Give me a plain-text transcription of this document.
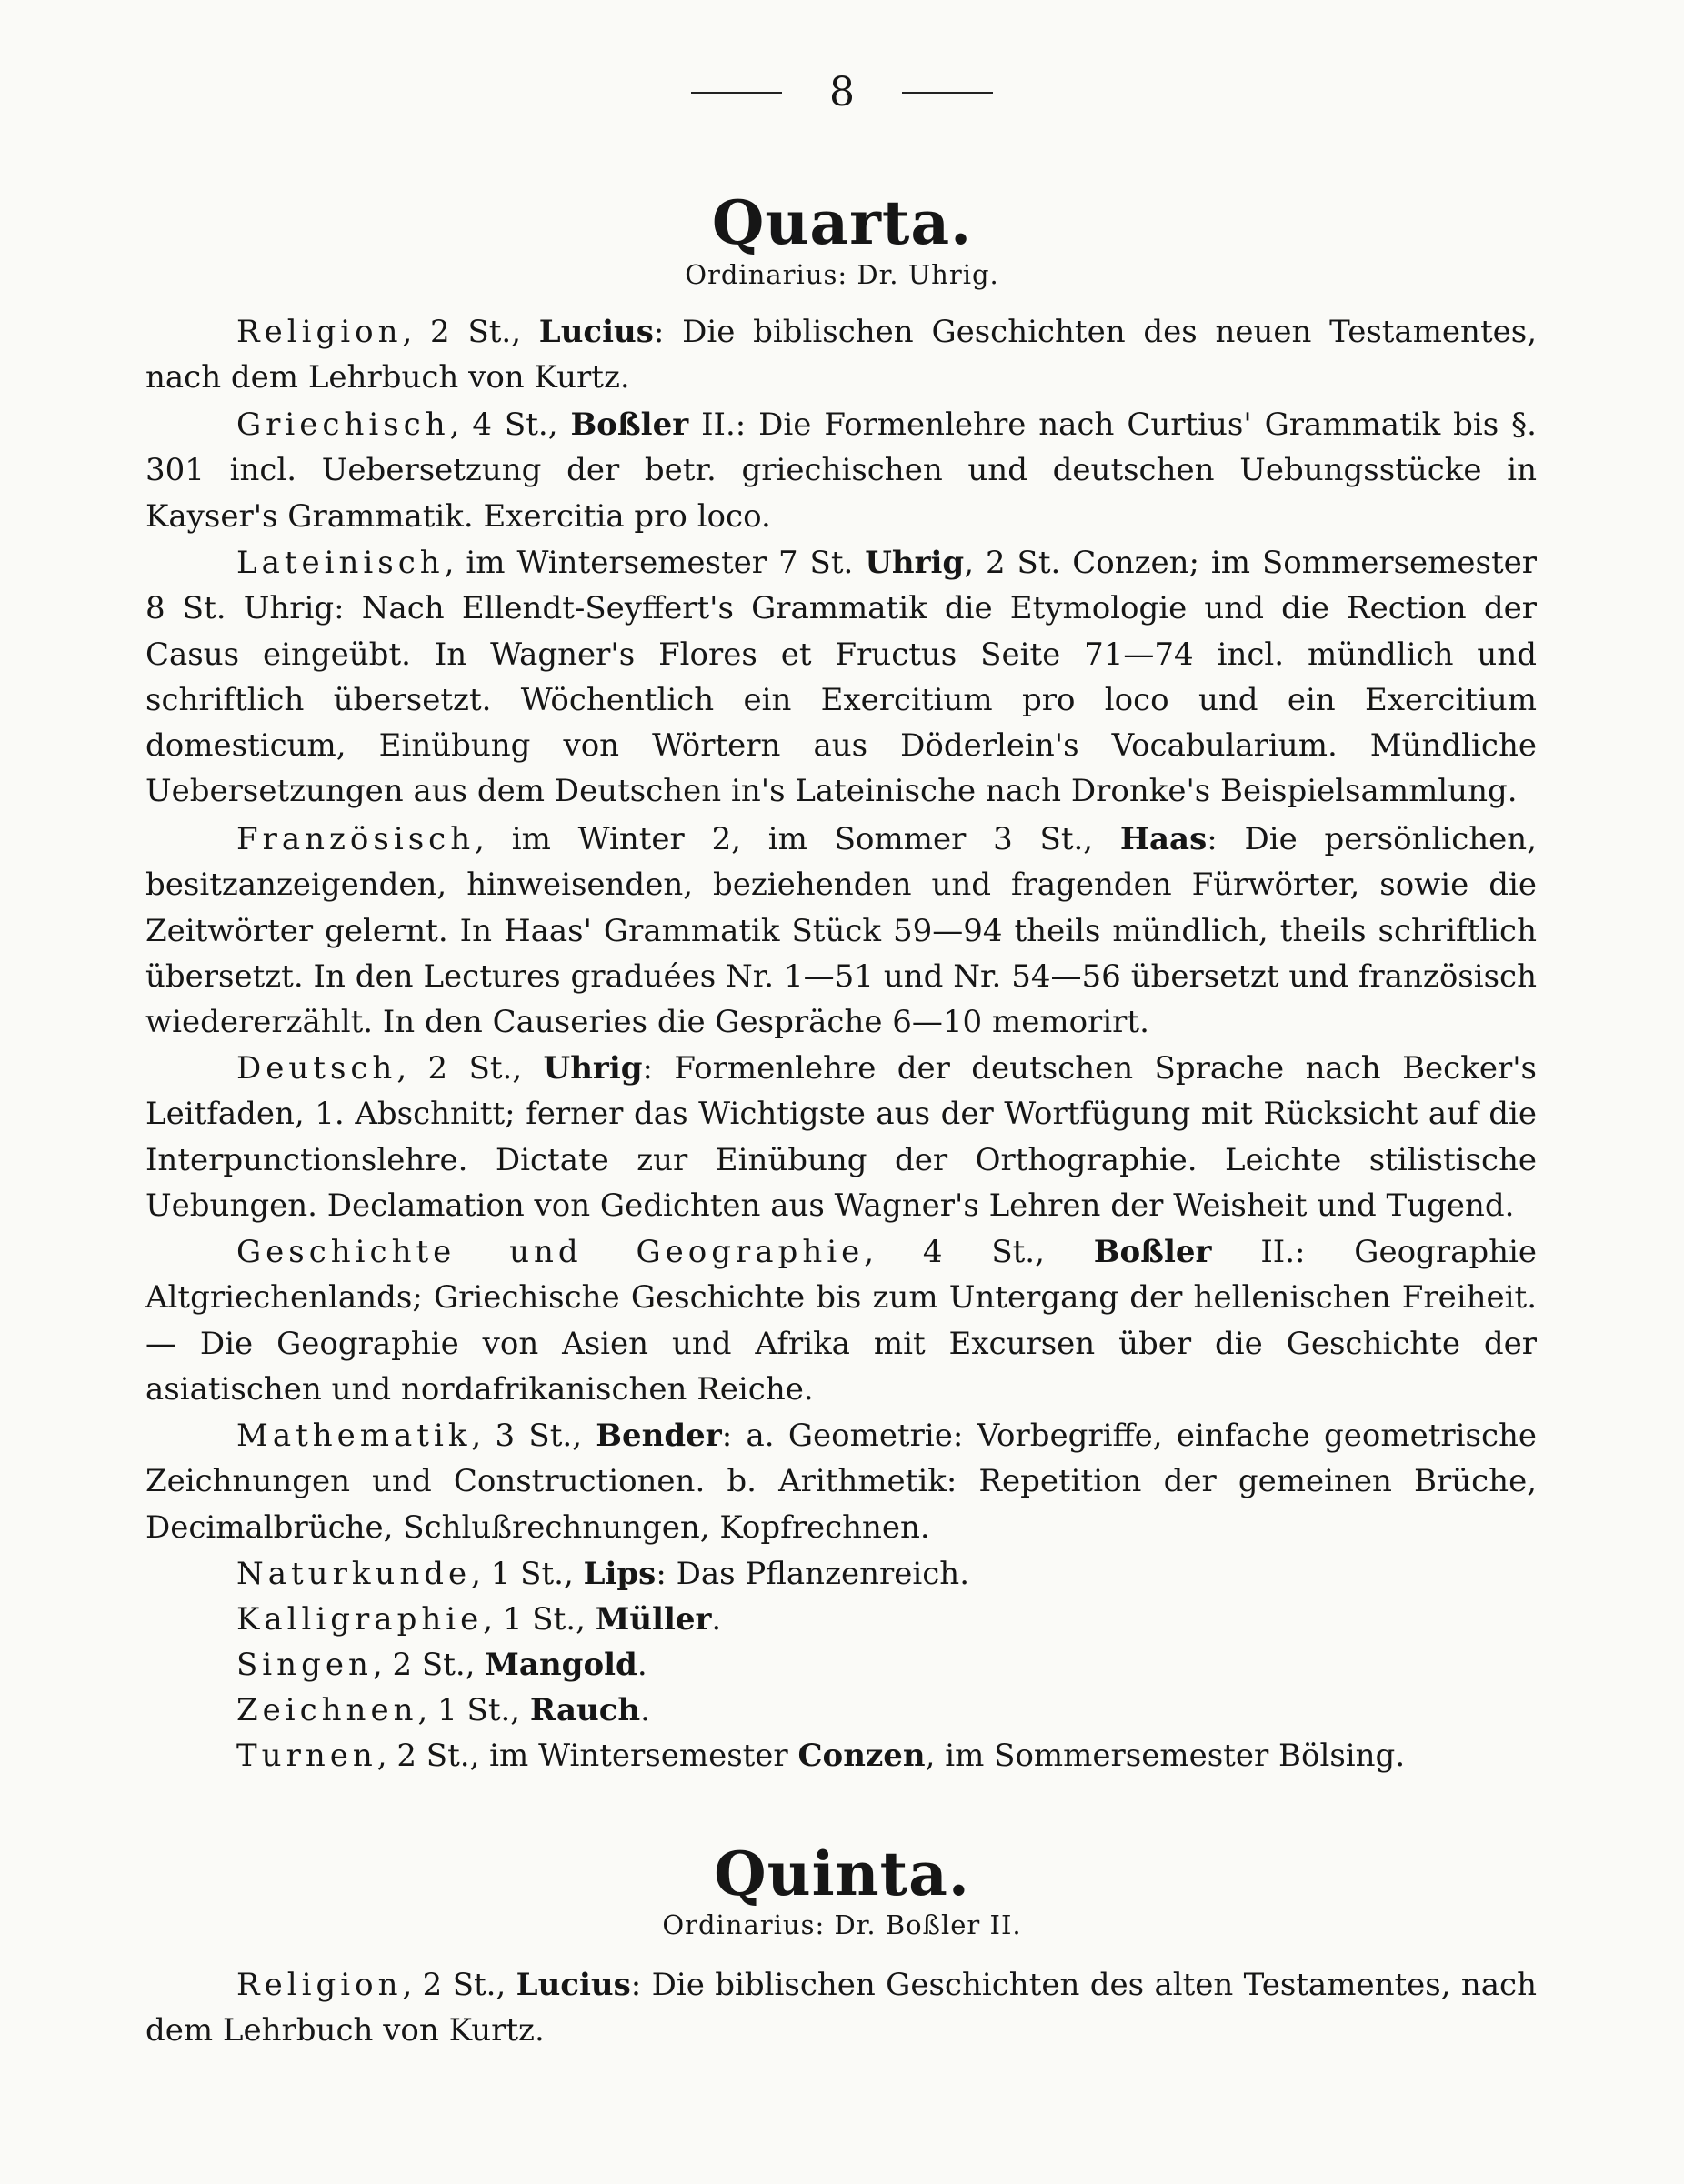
8
Quarta.
Ordinarius: Dr. Uhrig.

Religion, 2 St., Lucius: Die biblischen Geschichten des neuen Testamentes, nach dem Lehrbuch von Kurtz.

Griechisch, 4 St., Boßler II.: Die Formenlehre nach Curtius' Grammatik bis §. 301 incl. Uebersetzung der betr. griechischen und deutschen Uebungsstücke in Kayser's Grammatik. Exercitia pro loco.

Lateinisch, im Wintersemester 7 St. Uhrig, 2 St. Conzen; im Sommersemester 8 St. Uhrig: Nach Ellendt-Seyffert's Grammatik die Etymologie und die Rection der Casus eingeübt. In Wagner's Flores et Fructus Seite 71—74 incl. mündlich und schriftlich übersetzt. Wöchentlich ein Exercitium pro loco und ein Exercitium domesticum, Einübung von Wörtern aus Döderlein's Vocabularium. Mündliche Uebersetzungen aus dem Deutschen in's Lateinische nach Dronke's Beispielsammlung.

Französisch, im Winter 2, im Sommer 3 St., Haas: Die persönlichen, besitzanzeigenden, hinweisenden, beziehenden und fragenden Fürwörter, sowie die Zeitwörter gelernt. In Haas' Grammatik Stück 59—94 theils mündlich, theils schriftlich übersetzt. In den Lectures graduées Nr. 1—51 und Nr. 54—56 übersetzt und französisch wiedererzählt. In den Causeries die Gespräche 6—10 memorirt.

Deutsch, 2 St., Uhrig: Formenlehre der deutschen Sprache nach Becker's Leitfaden, 1. Abschnitt; ferner das Wichtigste aus der Wortfügung mit Rücksicht auf die Interpunctionslehre. Dictate zur Einübung der Orthographie. Leichte stilistische Uebungen. Declamation von Gedichten aus Wagner's Lehren der Weisheit und Tugend.

Geschichte und Geographie, 4 St., Boßler II.: Geographie Altgriechenlands; Griechische Geschichte bis zum Untergang der hellenischen Freiheit. — Die Geographie von Asien und Afrika mit Excursen über die Geschichte der asiatischen und nordafrikanischen Reiche.

Mathematik, 3 St., Bender: a. Geometrie: Vorbegriffe, einfache geometrische Zeichnungen und Constructionen. b. Arithmetik: Repetition der gemeinen Brüche, Decimalbrüche, Schlußrechnungen, Kopfrechnen.

Naturkunde, 1 St., Lips: Das Pflanzenreich.

Kalligraphie, 1 St., Müller.

Singen, 2 St., Mangold.

Zeichnen, 1 St., Rauch.

Turnen, 2 St., im Wintersemester Conzen, im Sommersemester Bölsing.

Quinta.
Ordinarius: Dr. Boßler II.

Religion, 2 St., Lucius: Die biblischen Geschichten des alten Testamentes, nach dem Lehrbuch von Kurtz.
